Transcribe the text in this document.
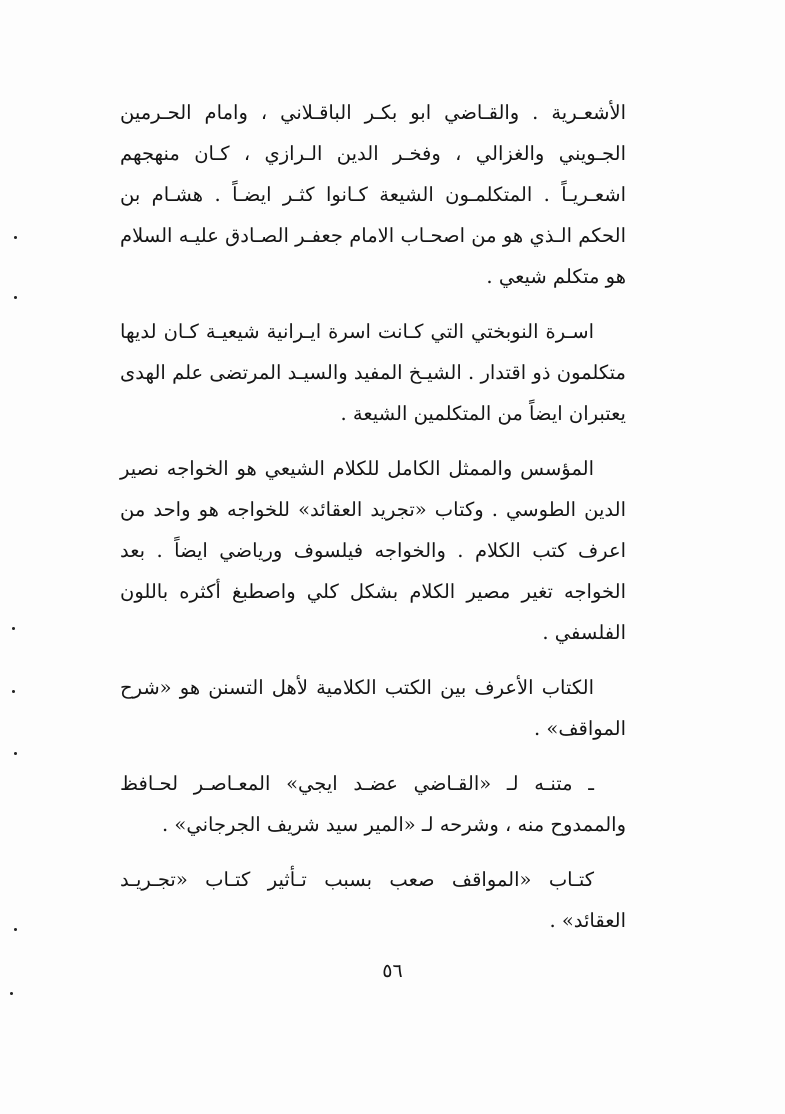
الأشعـرية . والقـاضي ابو بكـر الباقـلاني ، وامام الحـرمين الجـويني والغزالي ، وفخـر الدين الـرازي ، كـان منهجهم اشعـريـاً . المتكلمـون الشيعة كـانوا كثـر ايضـاً . هشـام بن الحكم الـذي هو من اصحـاب الامام جعفـر الصـادق عليـه السلام هو متكلم شيعي .

اسـرة النوبختي التي كـانت اسرة ايـرانية شيعيـة كـان لديها متكلمون ذو اقتدار . الشيـخ المفيد والسيـد المرتضى علم الهدى يعتبران ايضاً من المتكلمين الشيعة .

المؤسس والممثل الكامل للكلام الشيعي هو الخواجه نصير الدين الطوسي . وكتاب «تجريد العقائد» للخواجه هو واحد من اعرف كتب الكلام . والخواجه فيلسوف ورياضي ايضاً . بعد الخواجه تغير مصير الكلام بشكل كلي واصطبغ أكثره باللون الفلسفي .

الكتاب الأعرف بين الكتب الكلامية لأهل التسنن هو «شرح المواقف» .

ـ متنـه لـ «القـاضي عضـد ايجي» المعـاصـر لحـافظ والممدوح منه ، وشرحه لـ «المير سيد شريف الجرجاني» .

كتـاب «المواقف صعب بسبب تـأثير كتـاب «تجـريـد العقائد» .

٥٦
